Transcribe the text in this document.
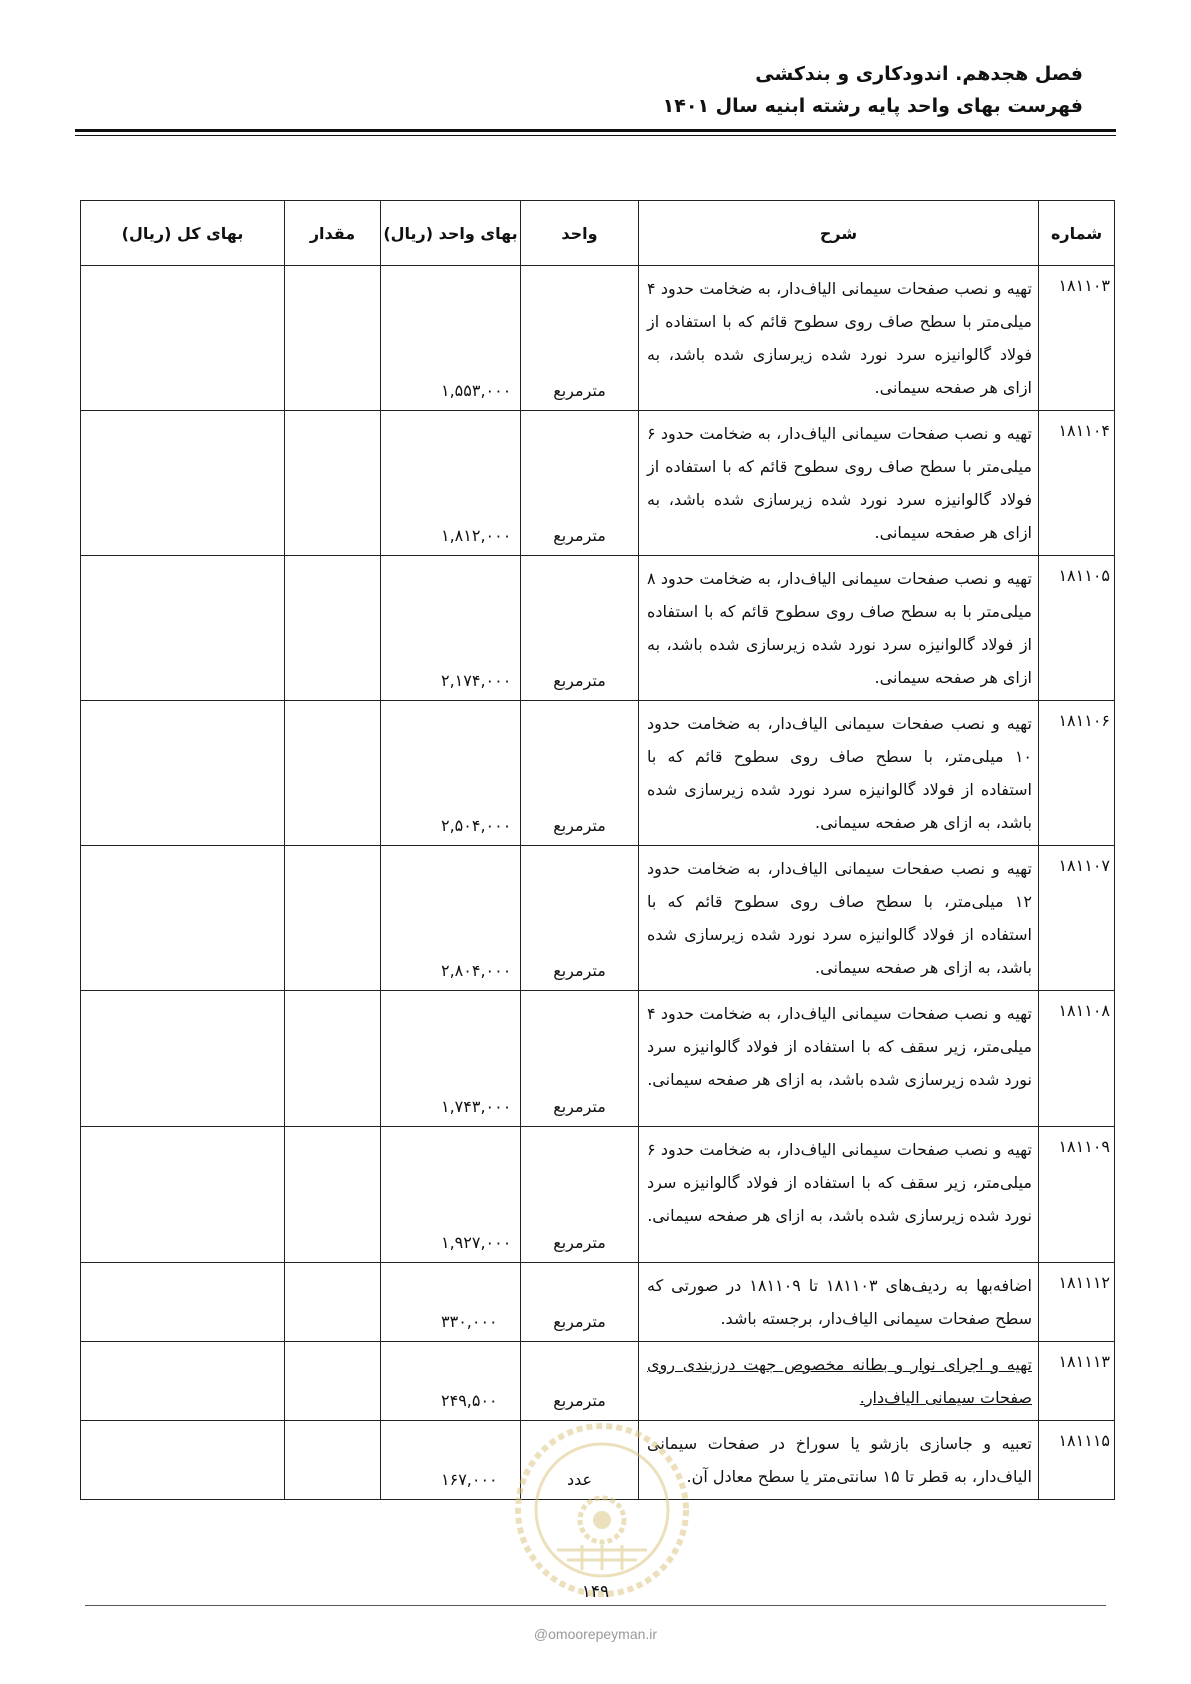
فصل هجدهم. اندودکاری و بندکشی
فهرست بهای واحد پایه رشته ابنیه سال ۱۴۰۱
شماره	شرح	واحد	بهای واحد (ریال)	مقدار	بهای کل (ریال)
۱۸۱۱۰۳	تهیه و نصب صفحات سیمانی الیاف‌دار، به ضخامت حدود ۴ میلی‌متر با سطح صاف روی سطوح قائم که با استفاده از فولاد گالوانیزه سرد نورد شده زیرسازی شده باشد، به ازای هر صفحه سیمانی.	مترمربع	۱,۵۵۳,۰۰۰		
۱۸۱۱۰۴	تهیه و نصب صفحات سیمانی الیاف‌دار، به ضخامت حدود ۶ میلی‌متر با سطح صاف روی سطوح قائم که با استفاده از فولاد گالوانیزه سرد نورد شده زیرسازی شده باشد، به ازای هر صفحه سیمانی.	مترمربع	۱,۸۱۲,۰۰۰		
۱۸۱۱۰۵	تهیه و نصب صفحات سیمانی الیاف‌دار، به ضخامت حدود ۸ میلی‌متر با به سطح صاف روی سطوح قائم که با استفاده از فولاد گالوانیزه سرد نورد شده زیرسازی شده باشد، به ازای هر صفحه سیمانی.	مترمربع	۲,۱۷۴,۰۰۰		
۱۸۱۱۰۶	تهیه و نصب صفحات سیمانی الیاف‌دار، به ضخامت حدود ۱۰ میلی‌متر، با سطح صاف روی سطوح قائم که با استفاده از فولاد گالوانیزه سرد نورد شده زیرسازی شده باشد، به ازای هر صفحه سیمانی.	مترمربع	۲,۵۰۴,۰۰۰		
۱۸۱۱۰۷	تهیه و نصب صفحات سیمانی الیاف‌دار، به ضخامت حدود ۱۲ میلی‌متر، با سطح صاف روی سطوح قائم که با استفاده از فولاد گالوانیزه سرد نورد شده زیرسازی شده باشد، به ازای هر صفحه سیمانی.	مترمربع	۲,۸۰۴,۰۰۰		
۱۸۱۱۰۸	تهیه و نصب صفحات سیمانی الیاف‌دار، به ضخامت حدود ۴ میلی‌متر، زیر سقف که با استفاده از فولاد گالوانیزه سرد نورد شده زیرسازی شده باشد، به ازای هر صفحه سیمانی.	مترمربع	۱,۷۴۳,۰۰۰		
۱۸۱۱۰۹	تهیه و نصب صفحات سیمانی الیاف‌دار، به ضخامت حدود ۶ میلی‌متر، زیر سقف که با استفاده از فولاد گالوانیزه سرد نورد شده زیرسازی شده باشد، به ازای هر صفحه سیمانی.	مترمربع	۱,۹۲۷,۰۰۰		
۱۸۱۱۱۲	اضافه‌بها به ردیف‌های ۱۸۱۱۰۳ تا ۱۸۱۱۰۹ در صورتی که سطح صفحات سیمانی الیاف‌دار، برجسته باشد.	مترمربع	۳۳۰,۰۰۰		
۱۸۱۱۱۳	تهیه و اجرای نوار و بطانه مخصوص جهت درزبندی روی صفحات سیمانی الیاف‌دار.	مترمربع	۲۴۹,۵۰۰		
۱۸۱۱۱۵	تعبیه و جاسازی بازشو یا سوراخ در صفحات سیمانی الیاف‌دار، به قطر تا ۱۵ سانتی‌متر یا سطح معادل آن.	عدد	۱۶۷,۰۰۰		
۱۴۹
@omoorepeyman.ir
